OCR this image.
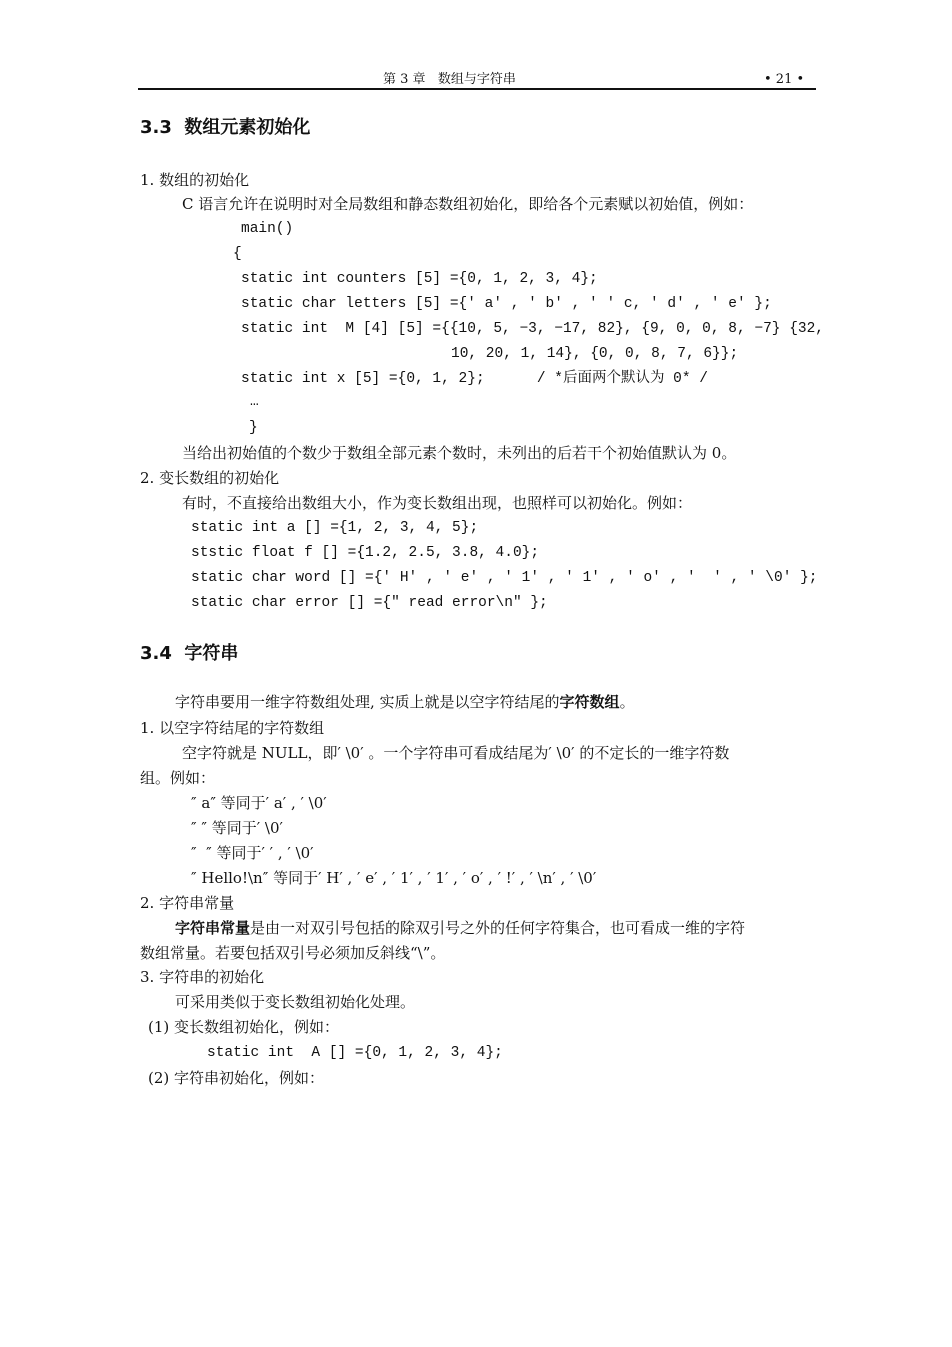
第 3 章   数组与字符串	• 21 •
3.3  数组元素初始化
1. 数组的初始化
C 语言允许在说明时对全局数组和静态数组初始化，即给各个元素赋以初始值，例如：
main()
{
static int counters [5] ={0, 1, 2, 3, 4};
static char letters [5] ={′ a′ , ′ b′ , ′ ′ c, ′ d′ , ′ e′ };
static int  M [4] [5] ={{10, 5, −3, −17, 82}, {9, 0, 0, 8, −7} {32,
10, 20, 1, 14}, {0, 0, 8, 7, 6}};
static int x [5] ={0, 1, 2};      / *后面两个默认为 0* /
…
}
当给出初始值的个数少于数组全部元素个数时，未列出的后若干个初始值默认为 0。
2. 变长数组的初始化
有时，不直接给出数组大小，作为变长数组出现，也照样可以初始化。例如：
static int a [] ={1, 2, 3, 4, 5};
ststic float f [] ={1.2, 2.5, 3.8, 4.0};
static char word [] ={′ H′ , ′ e′ , ′ 1′ , ′ 1′ , ′ o′ , ′  ′ , ′ \0′ };
static char error [] ={″ read error\n″ };
3.4  字符串
字符串要用一维字符数组处理, 实质上就是以空字符结尾的字符数组。
1. 以空字符结尾的字符数组
空字符就是 NULL，即′ \0′ 。一个字符串可看成结尾为′ \0′ 的不定长的一维字符数
组。例如：
″ a″ 等同于′ a′ , ′ \0′
″ ″ 等同于′ \0′
″  ″ 等同于′ ′ , ′ \0′
″ Hello!\n″ 等同于′ H′ , ′ e′ , ′ 1′ , ′ 1′ , ′ o′ , ′ !′ , ′ \n′ , ′ \0′
2. 字符串常量
字符串常量是由一对双引号包括的除双引号之外的任何字符集合，也可看成一维的字符
数组常量。若要包括双引号必须加反斜线“\”。
3. 字符串的初始化
可采用类似于变长数组初始化处理。
(1) 变长数组初始化，例如：
static int  A [] ={0, 1, 2, 3, 4};
(2) 字符串初始化，例如：
